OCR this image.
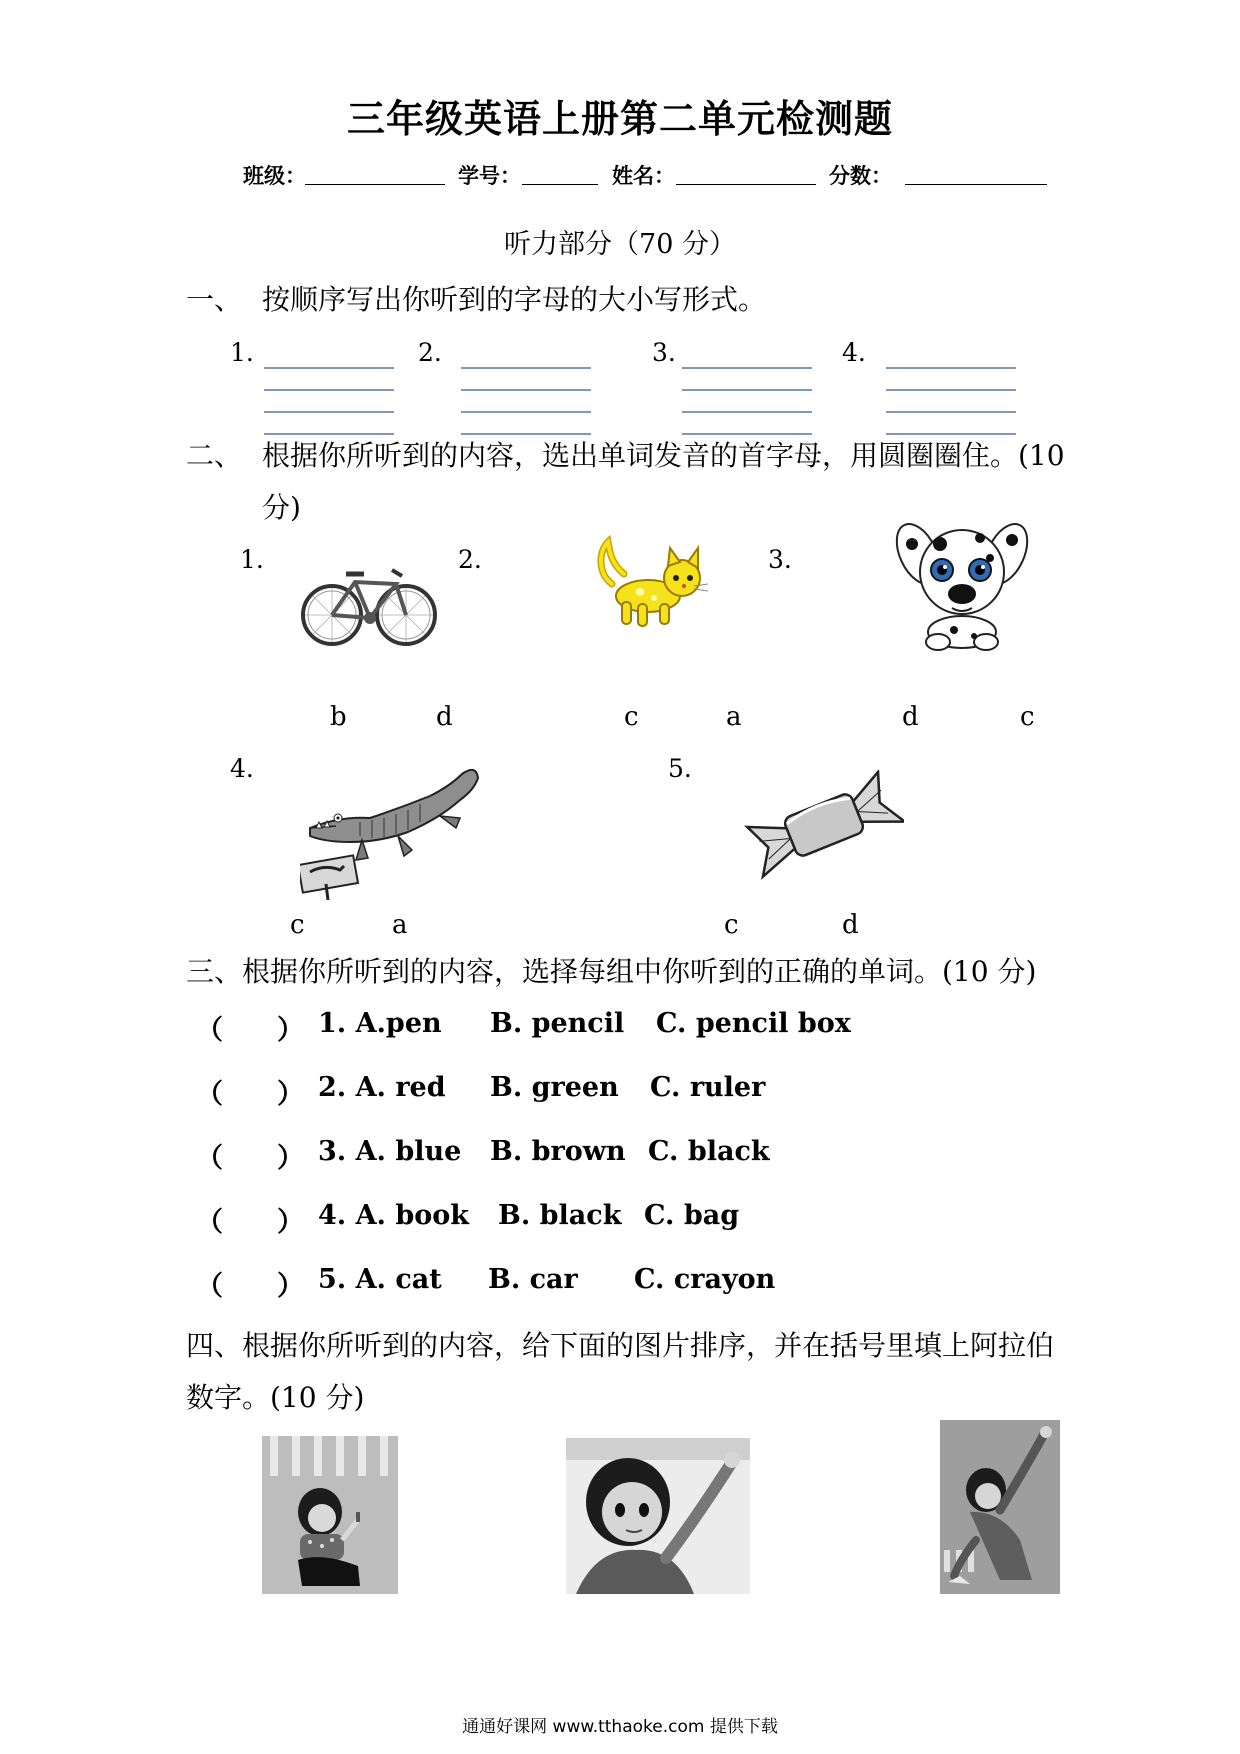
三年级英语上册第二单元检测题
班级：	学号：	姓名：	分数：
听力部分（70 分）
一、 按顺序写出你听到的字母的大小写形式。
1.	2.	3.	4.
二、 根据你所听到的内容，选出单词发音的首字母，用圆圈圈住。(10
分)
1.	2.	3.
b	d	c	a	d	c
4.	5.
c	a	c	d
三、根据你所听到的内容，选择每组中你听到的正确的单词。(10 分)
（　　） 1. A.pen B. pencil C. pencil box
（　　） 2. A. red B. green C. ruler
（　　） 3. A. blue B. brown C. black
（　　） 4. A. book B. black C. bag
（　　） 5. A. cat B. car C. crayon
四、根据你所听到的内容，给下面的图片排序，并在括号里填上阿拉伯
数字。(10 分)
通通好课网 www.tthaoke.com 提供下载
